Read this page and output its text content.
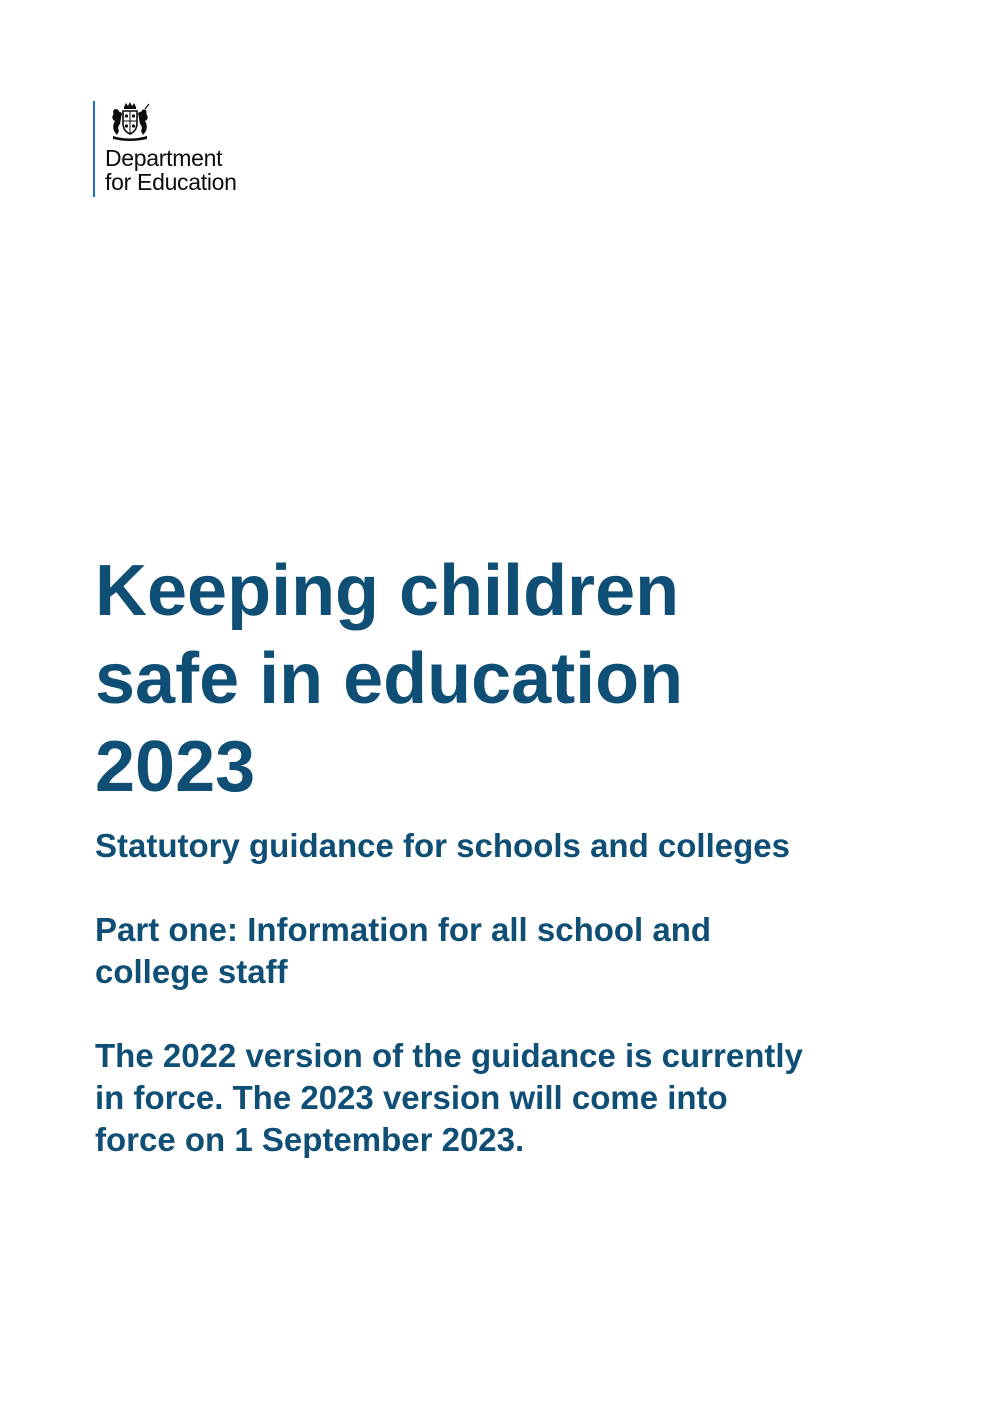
Department
for Education
Keeping children
safe in education
2023

Statutory guidance for schools and colleges

Part one: Information for all school and
college staff

The 2022 version of the guidance is currently
in force. The 2023 version will come into
force on 1 September 2023.
